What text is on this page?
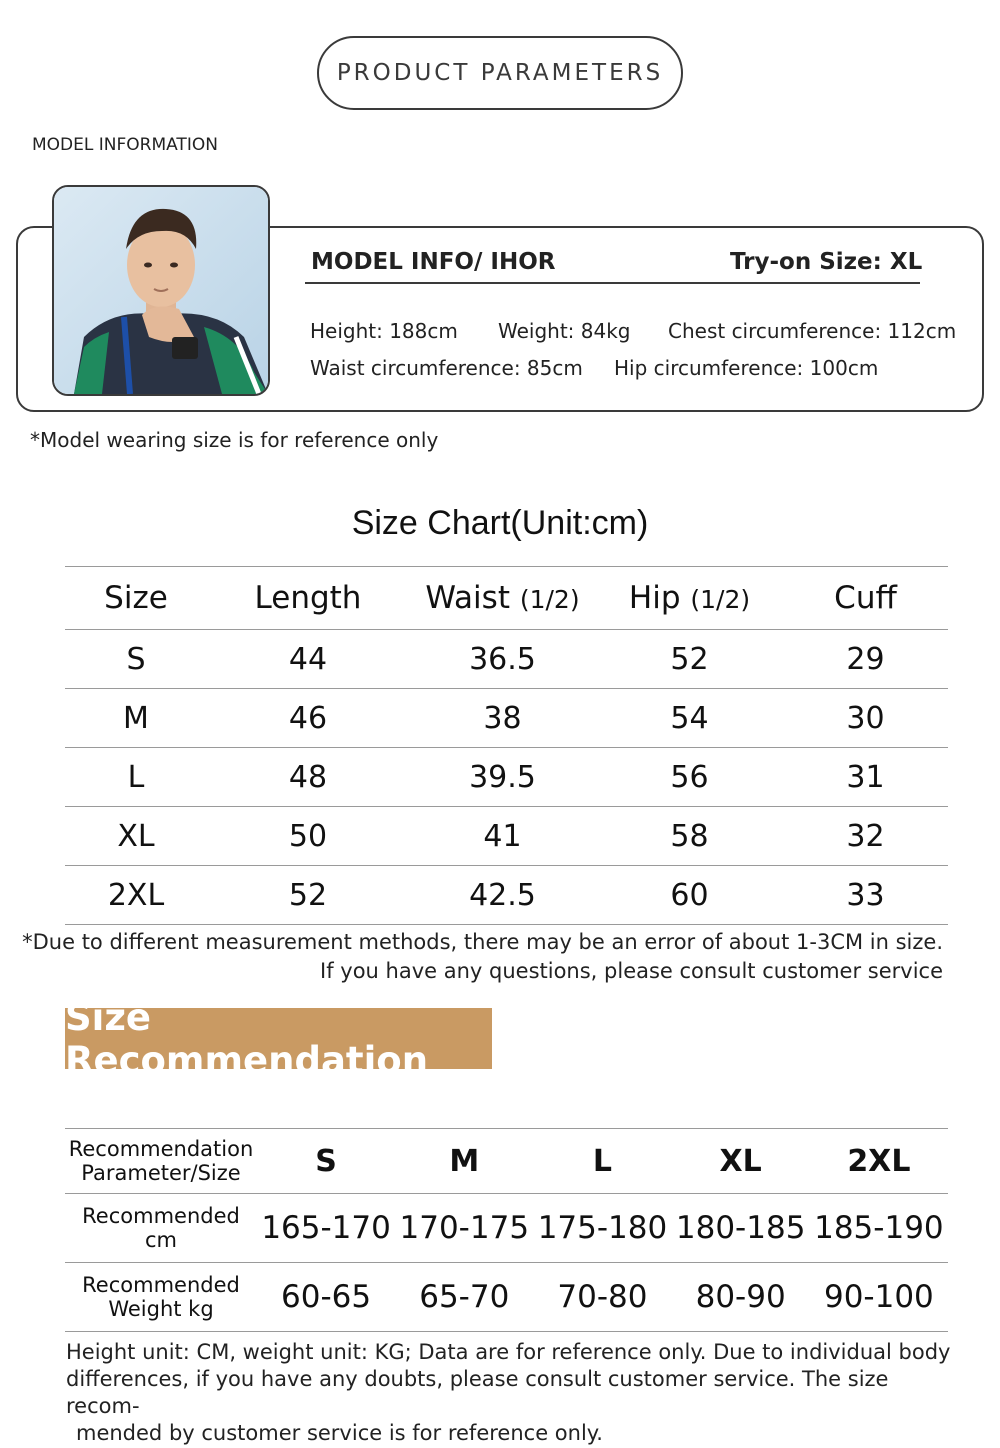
PRODUCT PARAMETERS
MODEL INFORMATION
MODEL INFO/ IHOR	Try-on Size: XL
Height: 188cm Weight: 84kg Chest circumference: 112cm
Waist circumference: 85cm Hip circumference: 100cm
*Model wearing size is for reference only
Size Chart(Unit:cm)
Size	Length	Waist (1/2)	Hip (1/2)	Cuff
S	44	36.5	52	29
M	46	38	54	30
L	48	39.5	56	31
XL	50	41	58	32
2XL	52	42.5	60	33
*Due to different measurement methods, there may be an error of about 1-3CM in size.
If you have any questions, please consult customer service
Size Recommendation
Recommendation
Parameter/Size	S	M	L	XL	2XL

Recommended
cm	165-170	170-175	175-180	180-185	185-190

Recommended
Weight kg	60-65	65-70	70-80	80-90	90-100
Height unit: CM, weight unit: KG; Data are for reference only. Due to individual body
differences, if you have any doubts, please consult customer service. The size recom-
mended by customer service is for reference only.
